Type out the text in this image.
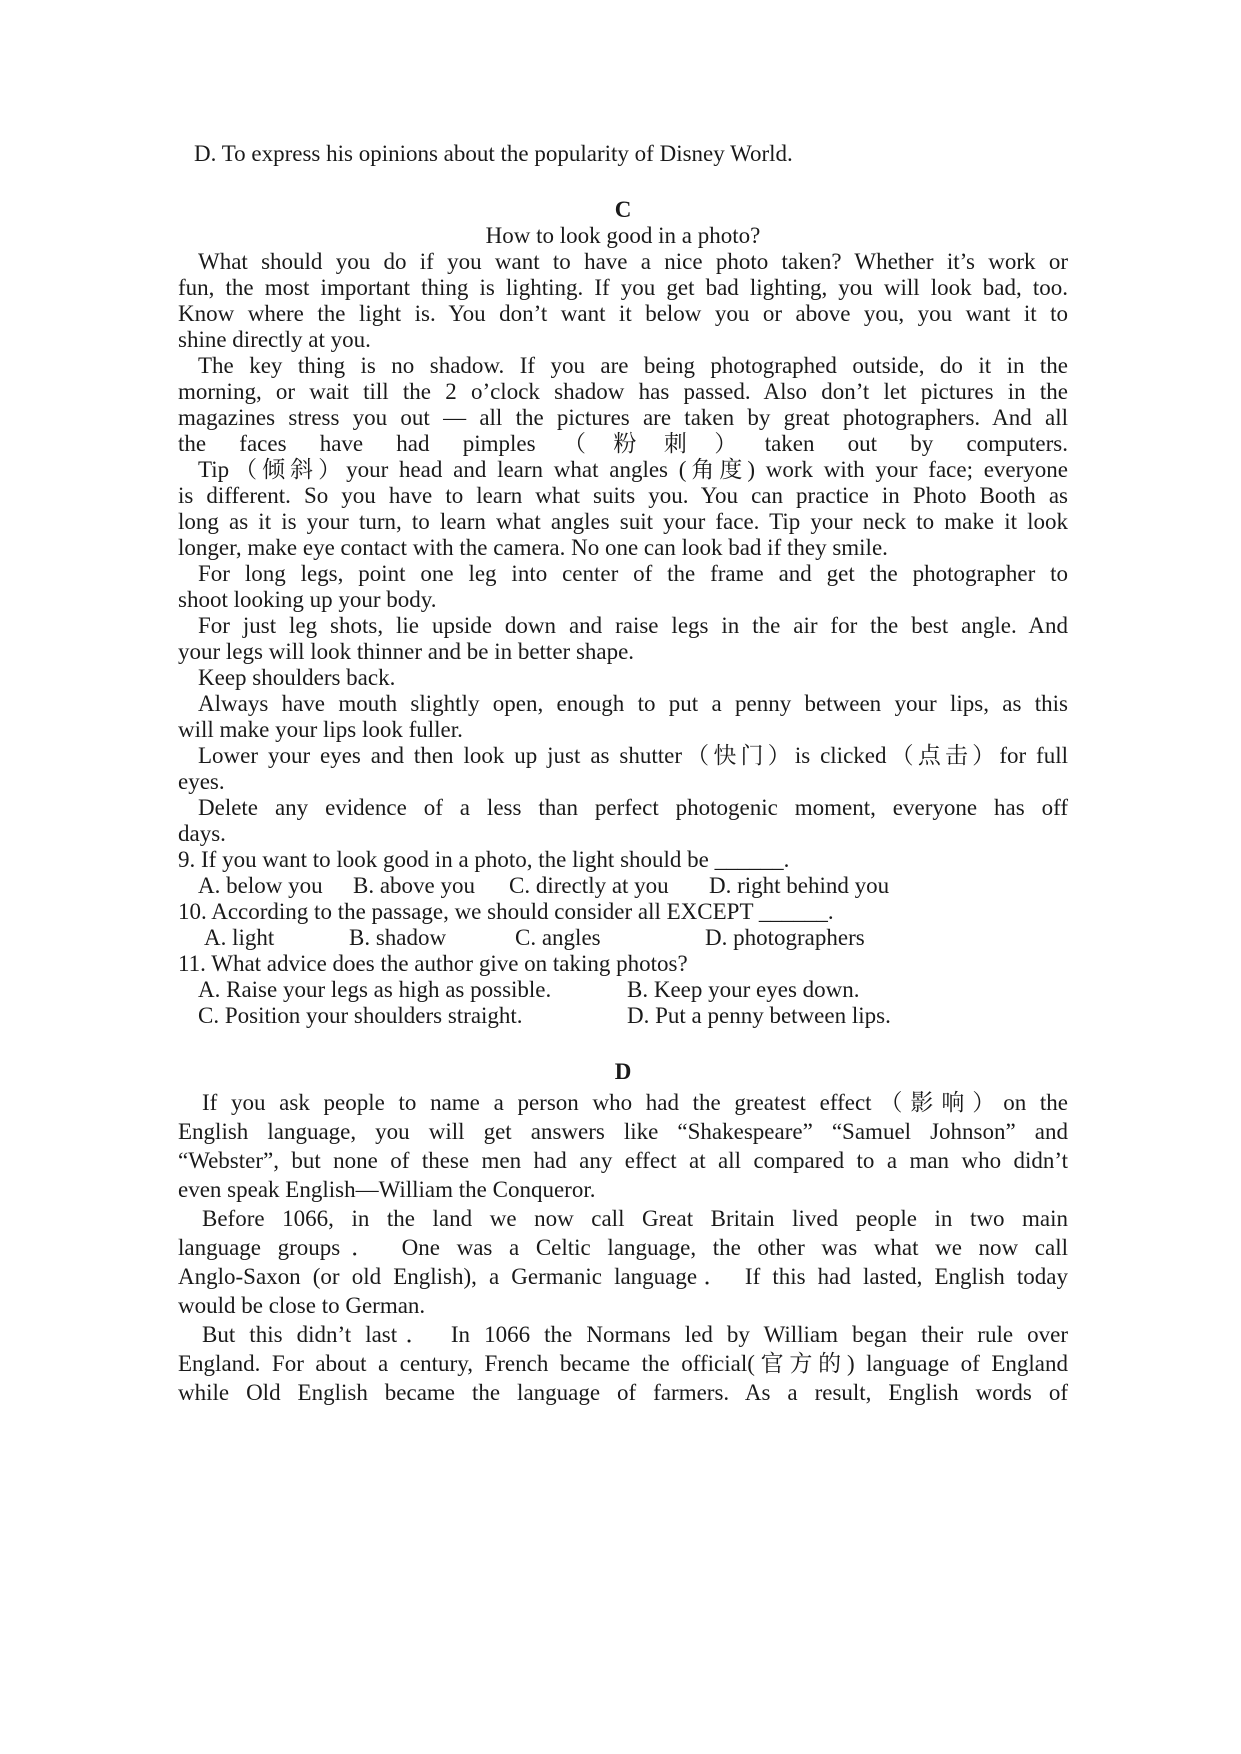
D. To express his opinions about the popularity of Disney World.
C
How to look good in a photo?
What should you do if you want to have a nice photo taken? Whether it’s work or
fun, the most important thing is lighting. If you get bad lighting, you will look bad, too.
Know where the light is. You don’t want it below you or above you, you want it to
shine directly at you.
The key thing is no shadow. If you are being photographed outside, do it in the
morning, or wait till the 2 o’clock shadow has passed. Also don’t let pictures in the
magazines stress you out — all the pictures are taken by great photographers. And all
the faces have had pimples（粉刺）taken out by computers.
Tip（倾斜）your head and learn what angles (角度) work with your face; everyone
is different. So you have to learn what suits you. You can practice in Photo Booth as
long as it is your turn, to learn what angles suit your face. Tip your neck to make it look
longer, make eye contact with the camera. No one can look bad if they smile.
For long legs, point one leg into center of the frame and get the photographer to
shoot looking up your body.
For just leg shots, lie upside down and raise legs in the air for the best angle. And
your legs will look thinner and be in better shape.
Keep shoulders back.
Always have mouth slightly open, enough to put a penny between your lips, as this
will make your lips look fuller.
Lower your eyes and then look up just as shutter（快门）is clicked（点击）for full
eyes.
Delete any evidence of a less than perfect photogenic moment, everyone has off
days.
9. If you want to look good in a photo, the light should be ______.
A. below you B. above you C. directly at you D. right behind you
10. According to the passage, we should consider all EXCEPT ______.
A. light	B. shadow	C. angles	D. photographers
11. What advice does the author give on taking photos?
A. Raise your legs as high as possible.	B. Keep your eyes down.
C. Position your shoulders straight.	D. Put a penny between lips.
D
If you ask people to name a person who had the greatest effect（影响）on the
English language, you will get answers like “Shakespeare” “Samuel Johnson” and
“Webster”, but none of these men had any effect at all compared to a man who didn’t
even speak English—William the Conqueror.
Before 1066, in the land we now call Great Britain lived people in two main
language groups． One was a Celtic language, the other was what we now call
Anglo-Saxon (or old English), a Germanic language． If this had lasted, English today
would be close to German.
But this didn’t last． In 1066 the Normans led by William began their rule over
England. For about a century, French became the official(官方的) language of England
while Old English became the language of farmers. As a result, English words of
